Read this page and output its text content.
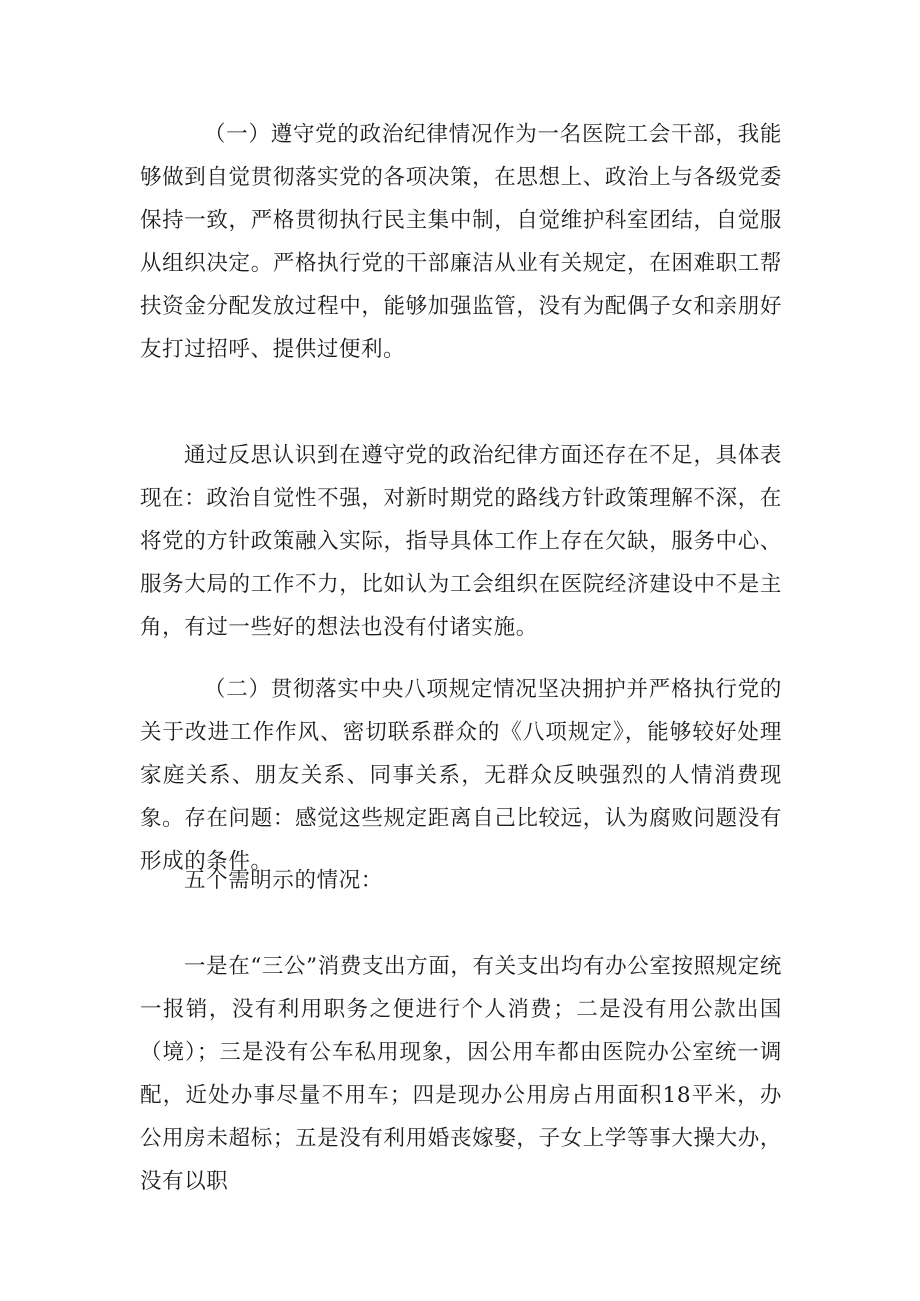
（一）遵守党的政治纪律情况作为一名医院工会干部，我能够做到自觉贯彻落实党的各项决策，在思想上、政治上与各级党委保持一致，严格贯彻执行民主集中制，自觉维护科室团结，自觉服从组织决定。严格执行党的干部廉洁从业有关规定，在困难职工帮扶资金分配发放过程中，能够加强监管，没有为配偶子女和亲朋好友打过招呼、提供过便利。

通过反思认识到在遵守党的政治纪律方面还存在不足，具体表现在：政治自觉性不强，对新时期党的路线方针政策理解不深，在将党的方针政策融入实际，指导具体工作上存在欠缺，服务中心、服务大局的工作不力，比如认为工会组织在医院经济建设中不是主角，有过一些好的想法也没有付诸实施。

（二）贯彻落实中央八项规定情况坚决拥护并严格执行党的关于改进工作作风、密切联系群众的《八项规定》，能够较好处理家庭关系、朋友关系、同事关系，无群众反映强烈的人情消费现象。存在问题：感觉这些规定距离自己比较远，认为腐败问题没有形成的条件。

五个需明示的情况：

一是在“三公”消费支出方面，有关支出均有办公室按照规定统一报销，没有利用职务之便进行个人消费；二是没有用公款出国（境）；三是没有公车私用现象，因公用车都由医院办公室统一调配，近处办事尽量不用车；四是现办公用房占用面积18平米，办公用房未超标；五是没有利用婚丧嫁娶，子女上学等事大操大办，没有以职
